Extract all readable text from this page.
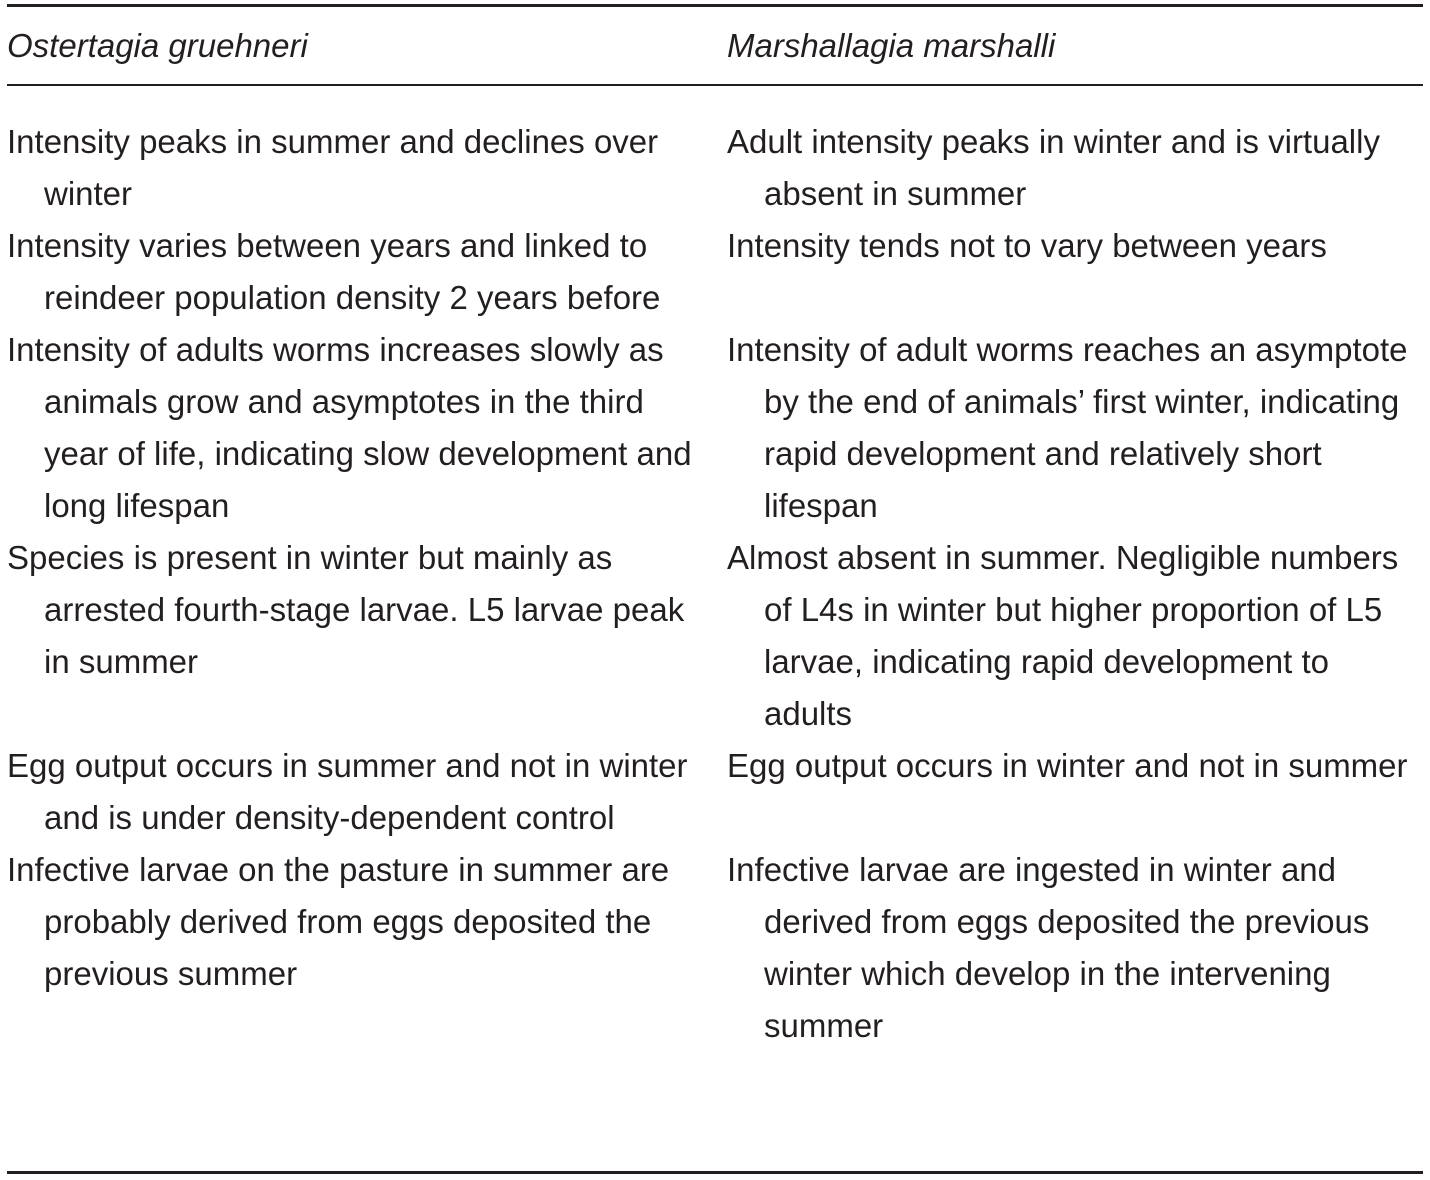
Ostertagia gruehneri	Marshallagia marshalli
Intensity peaks in summer and declines over winter
Adult intensity peaks in winter and is virtually absent in summer
Intensity varies between years and linked to reindeer population density 2 years before
Intensity tends not to vary between years
Intensity of adults worms increases slowly as animals grow and asymptotes in the third year of life, indicating slow development and long lifespan
Intensity of adult worms reaches an asymptote by the end of animals’ first winter, indicating rapid development and relatively short lifespan
Species is present in winter but mainly as arrested fourth-stage larvae. L5 larvae peak in summer
Almost absent in summer. Negligible numbers of L4s in winter but higher proportion of L5 larvae, indicating rapid development to adults
Egg output occurs in summer and not in winter and is under density-dependent control
Egg output occurs in winter and not in summer
Infective larvae on the pasture in summer are probably derived from eggs deposited the previous summer
Infective larvae are ingested in winter and derived from eggs deposited the previous winter which develop in the intervening summer
